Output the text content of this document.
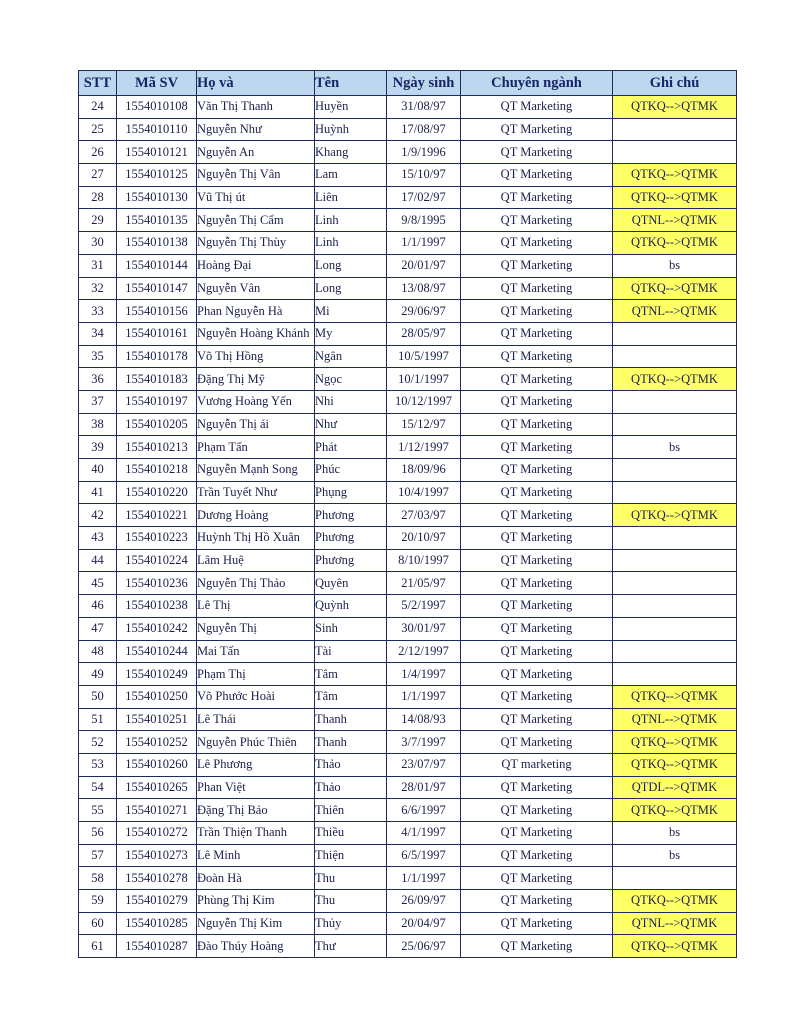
STT	Mã SV	Họ và	Tên	Ngày sinh	Chuyên ngành	Ghi chú
24	1554010108	Văn Thị Thanh	Huyền	31/08/97	QT Marketing	QTKQ-->QTMK
25	1554010110	Nguyễn Như	Huỳnh	17/08/97	QT Marketing	
26	1554010121	Nguyễn An	Khang	1/9/1996	QT Marketing	
27	1554010125	Nguyễn Thị Vân	Lam	15/10/97	QT Marketing	QTKQ-->QTMK
28	1554010130	Vũ Thị út	Liên	17/02/97	QT Marketing	QTKQ-->QTMK
29	1554010135	Nguyễn Thị Cẩm	Linh	9/8/1995	QT Marketing	QTNL-->QTMK
30	1554010138	Nguyễn Thị Thùy	Linh	1/1/1997	QT Marketing	QTKQ-->QTMK
31	1554010144	Hoàng Đại	Long	20/01/97	QT Marketing	bs
32	1554010147	Nguyễn Vân	Long	13/08/97	QT Marketing	QTKQ-->QTMK
33	1554010156	Phan Nguyễn Hà	Mi	29/06/97	QT Marketing	QTNL-->QTMK
34	1554010161	Nguyễn Hoàng Khánh	My	28/05/97	QT Marketing	
35	1554010178	Võ Thị Hồng	Ngân	10/5/1997	QT Marketing	
36	1554010183	Đặng Thị Mỹ	Ngọc	10/1/1997	QT Marketing	QTKQ-->QTMK
37	1554010197	Vương Hoàng Yến	Nhi	10/12/1997	QT Marketing	
38	1554010205	Nguyễn Thị ái	Như	15/12/97	QT Marketing	
39	1554010213	Phạm Tấn	Phát	1/12/1997	QT Marketing	bs
40	1554010218	Nguyễn Mạnh Song	Phúc	18/09/96	QT Marketing	
41	1554010220	Trần Tuyết Như	Phụng	10/4/1997	QT Marketing	
42	1554010221	Dương Hoàng	Phương	27/03/97	QT Marketing	QTKQ-->QTMK
43	1554010223	Huỳnh Thị Hồ Xuân	Phương	20/10/97	QT Marketing	
44	1554010224	Lâm Huệ	Phương	8/10/1997	QT Marketing	
45	1554010236	Nguyễn Thị Thảo	Quyên	21/05/97	QT Marketing	
46	1554010238	Lê Thị	Quỳnh	5/2/1997	QT Marketing	
47	1554010242	Nguyễn Thị	Sinh	30/01/97	QT Marketing	
48	1554010244	Mai Tấn	Tài	2/12/1997	QT Marketing	
49	1554010249	Phạm Thị	Tâm	1/4/1997	QT Marketing	
50	1554010250	Võ Phước Hoài	Tâm	1/1/1997	QT Marketing	QTKQ-->QTMK
51	1554010251	Lê Thái	Thanh	14/08/93	QT Marketing	QTNL-->QTMK
52	1554010252	Nguyễn Phúc Thiên	Thanh	3/7/1997	QT Marketing	QTKQ-->QTMK
53	1554010260	Lê Phương	Thảo	23/07/97	QT marketing	QTKQ-->QTMK
54	1554010265	Phan Việt	Thảo	28/01/97	QT Marketing	QTDL-->QTMK
55	1554010271	Đặng Thị Bảo	Thiên	6/6/1997	QT Marketing	QTKQ-->QTMK
56	1554010272	Trần Thiện Thanh	Thiều	4/1/1997	QT Marketing	bs
57	1554010273	Lê Minh	Thiện	6/5/1997	QT Marketing	bs
58	1554010278	Đoàn Hà	Thu	1/1/1997	QT Marketing	
59	1554010279	Phùng Thị Kim	Thu	26/09/97	QT Marketing	QTKQ-->QTMK
60	1554010285	Nguyễn Thị Kim	Thủy	20/04/97	QT Marketing	QTNL-->QTMK
61	1554010287	Đào Thúy Hoàng	Thư	25/06/97	QT Marketing	QTKQ-->QTMK
